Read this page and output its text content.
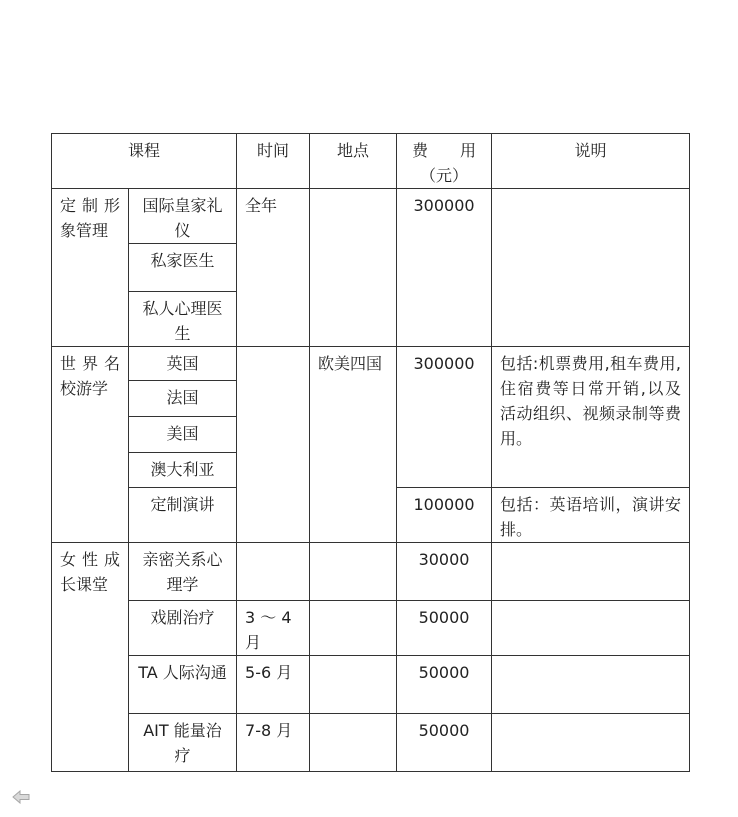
课程		时间	地点	费　　用（元）	说明
定制形象管理	国际皇家礼仪	全年		300000	
	私家医生				
	私人心理医生				
世界名校游学	英国		欧美四国	300000	包括:机票费用,租车费用,住宿费等日常开销,以及活动组织、视频录制等费用。
	法国				
	美国				
	澳大利亚				
	定制演讲			100000	包括：英语培训，演讲安排。
女性成长课堂	亲密关系心理学			30000	
	戏剧治疗	3 ～ 4 月		50000	
	TA 人际沟通	5-6 月		50000	
	AIT 能量治疗	7-8 月		50000	
